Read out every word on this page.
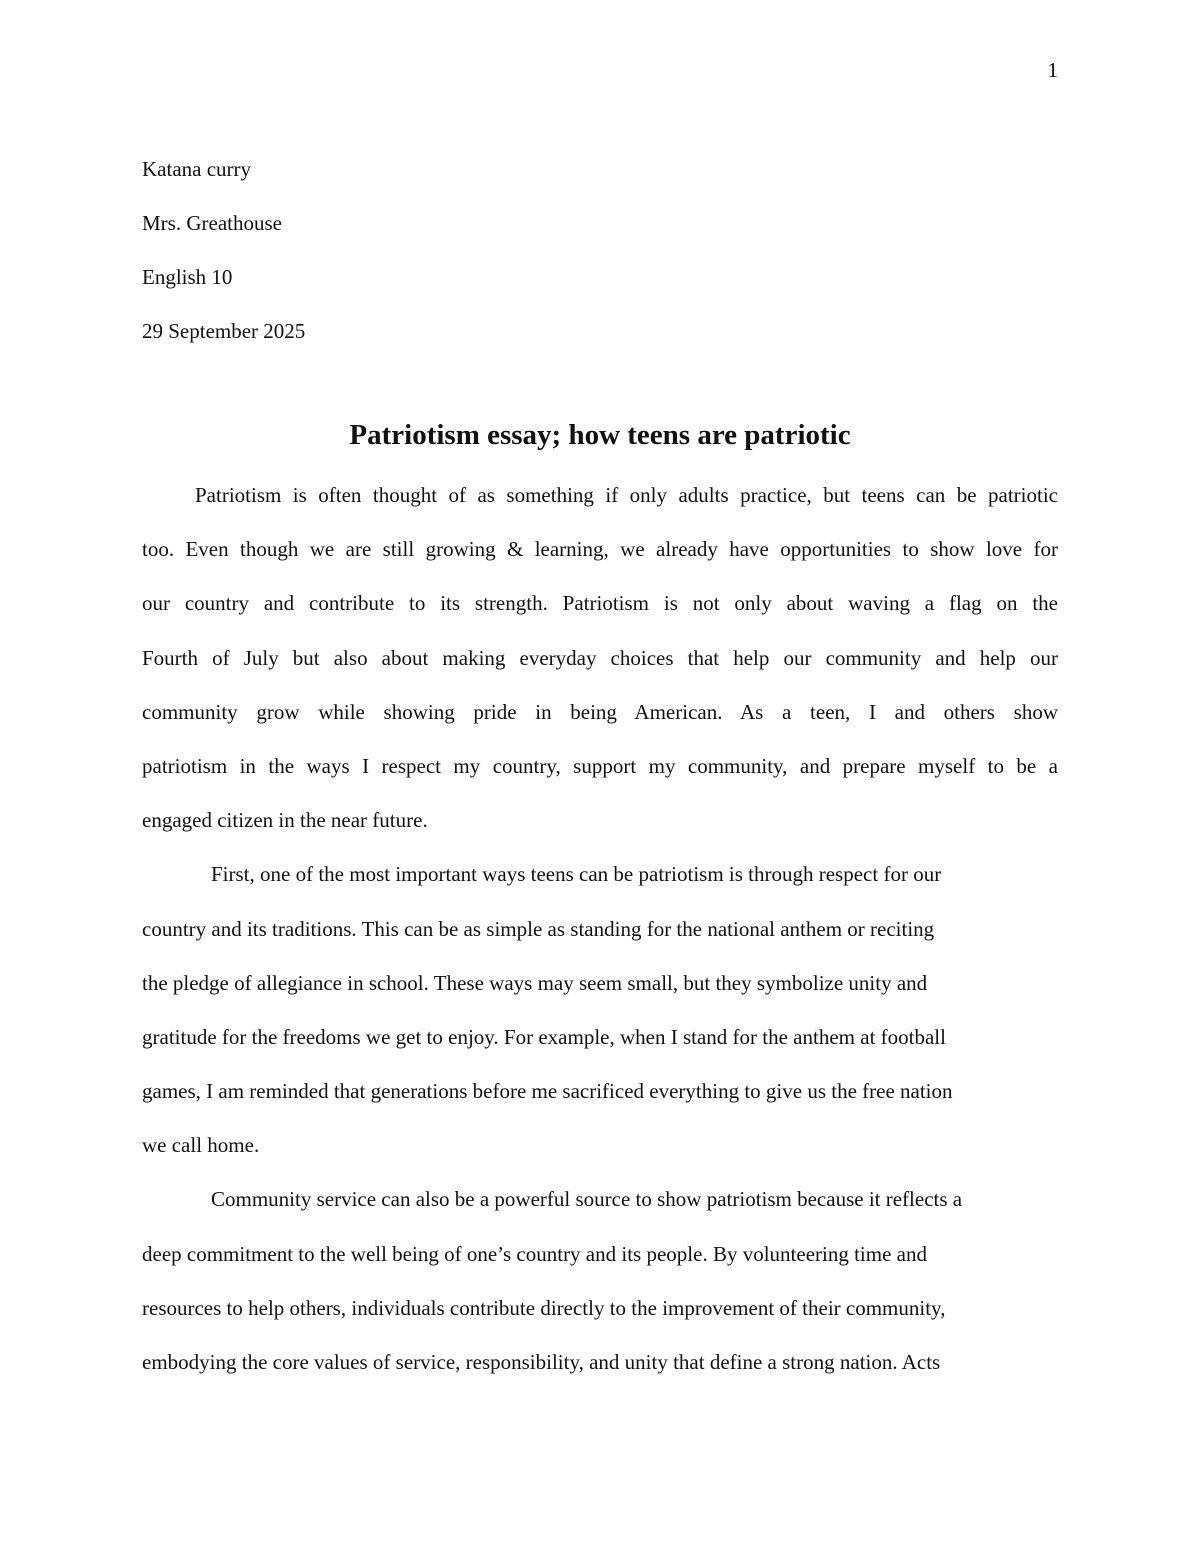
1
Katana curry
Mrs. Greathouse
English 10
29 September 2025
Patriotism essay; how teens are patriotic
Patriotism is often thought of as something if only adults practice, but teens can be patriotic
too. Even though we are still growing & learning, we already have opportunities to show love for
our country and contribute to its strength. Patriotism is not only about waving a flag on the
Fourth of July but also about making everyday choices that help our community and help our
community grow while showing pride in being American. As a teen, I and others show
patriotism in the ways I respect my country, support my community, and prepare myself to be a
engaged citizen in the near future.
First, one of the most important ways teens can be patriotism is through respect for our
country and its traditions. This can be as simple as standing for the national anthem or reciting
the pledge of allegiance in school. These ways may seem small, but they symbolize unity and
gratitude for the freedoms we get to enjoy. For example, when I stand for the anthem at football
games, I am reminded that generations before me sacrificed everything to give us the free nation
we call home.
Community service can also be a powerful source to show patriotism because it reflects a
deep commitment to the well being of one’s country and its people. By volunteering time and
resources to help others, individuals contribute directly to the improvement of their community,
embodying the core values of service, responsibility, and unity that define a strong nation. Acts
